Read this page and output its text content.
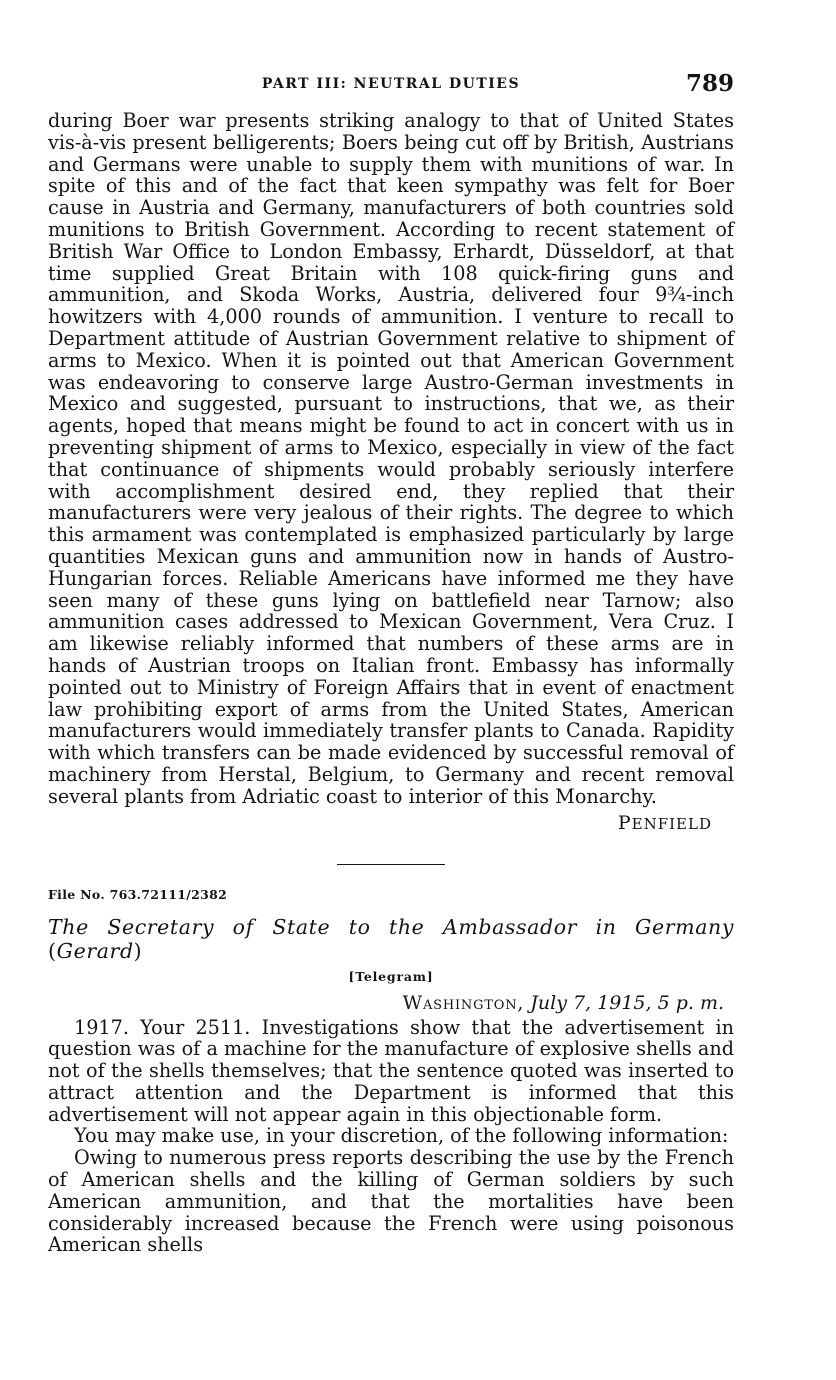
PART III: NEUTRAL DUTIES	789

during Boer war presents striking analogy to that of United States vis-à-vis present belligerents; Boers being cut off by British, Austrians and Germans were unable to supply them with munitions of war. In spite of this and of the fact that keen sympathy was felt for Boer cause in Austria and Germany, manufacturers of both countries sold munitions to British Government. According to recent statement of British War Office to London Embassy, Erhardt, Düsseldorf, at that time supplied Great Britain with 108 quick-firing guns and ammunition, and Skoda Works, Austria, delivered four 9¾-inch howitzers with 4,000 rounds of ammunition. I venture to recall to Department attitude of Austrian Government relative to shipment of arms to Mexico. When it is pointed out that American Government was endeavoring to conserve large Austro-German investments in Mexico and suggested, pursuant to instructions, that we, as their agents, hoped that means might be found to act in concert with us in preventing shipment of arms to Mexico, especially in view of the fact that continuance of shipments would probably seriously interfere with accomplishment desired end, they replied that their manufacturers were very jealous of their rights. The degree to which this armament was contemplated is emphasized particularly by large quantities Mexican guns and ammunition now in hands of Austro-Hungarian forces. Reliable Americans have informed me they have seen many of these guns lying on battlefield near Tarnow; also ammunition cases addressed to Mexican Government, Vera Cruz. I am likewise reliably informed that numbers of these arms are in hands of Austrian troops on Italian front. Embassy has informally pointed out to Ministry of Foreign Affairs that in event of enactment law prohibiting export of arms from the United States, American manufacturers would immediately transfer plants to Canada. Rapidity with which transfers can be made evidenced by successful removal of machinery from Herstal, Belgium, to Germany and recent removal several plants from Adriatic coast to interior of this Monarchy.

PENFIELD
File No. 763.72111/2382
The Secretary of State to the Ambassador in Germany (Gerard)
[Telegram]
Washington, July 7, 1915, 5 p. m.

1917. Your 2511. Investigations show that the advertisement in question was of a machine for the manufacture of explosive shells and not of the shells themselves; that the sentence quoted was inserted to attract attention and the Department is informed that this advertisement will not appear again in this objectionable form.

You may make use, in your discretion, of the following information:

Owing to numerous press reports describing the use by the French of American shells and the killing of German soldiers by such American ammunition, and that the mortalities have been considerably increased because the French were using poisonous American shells
